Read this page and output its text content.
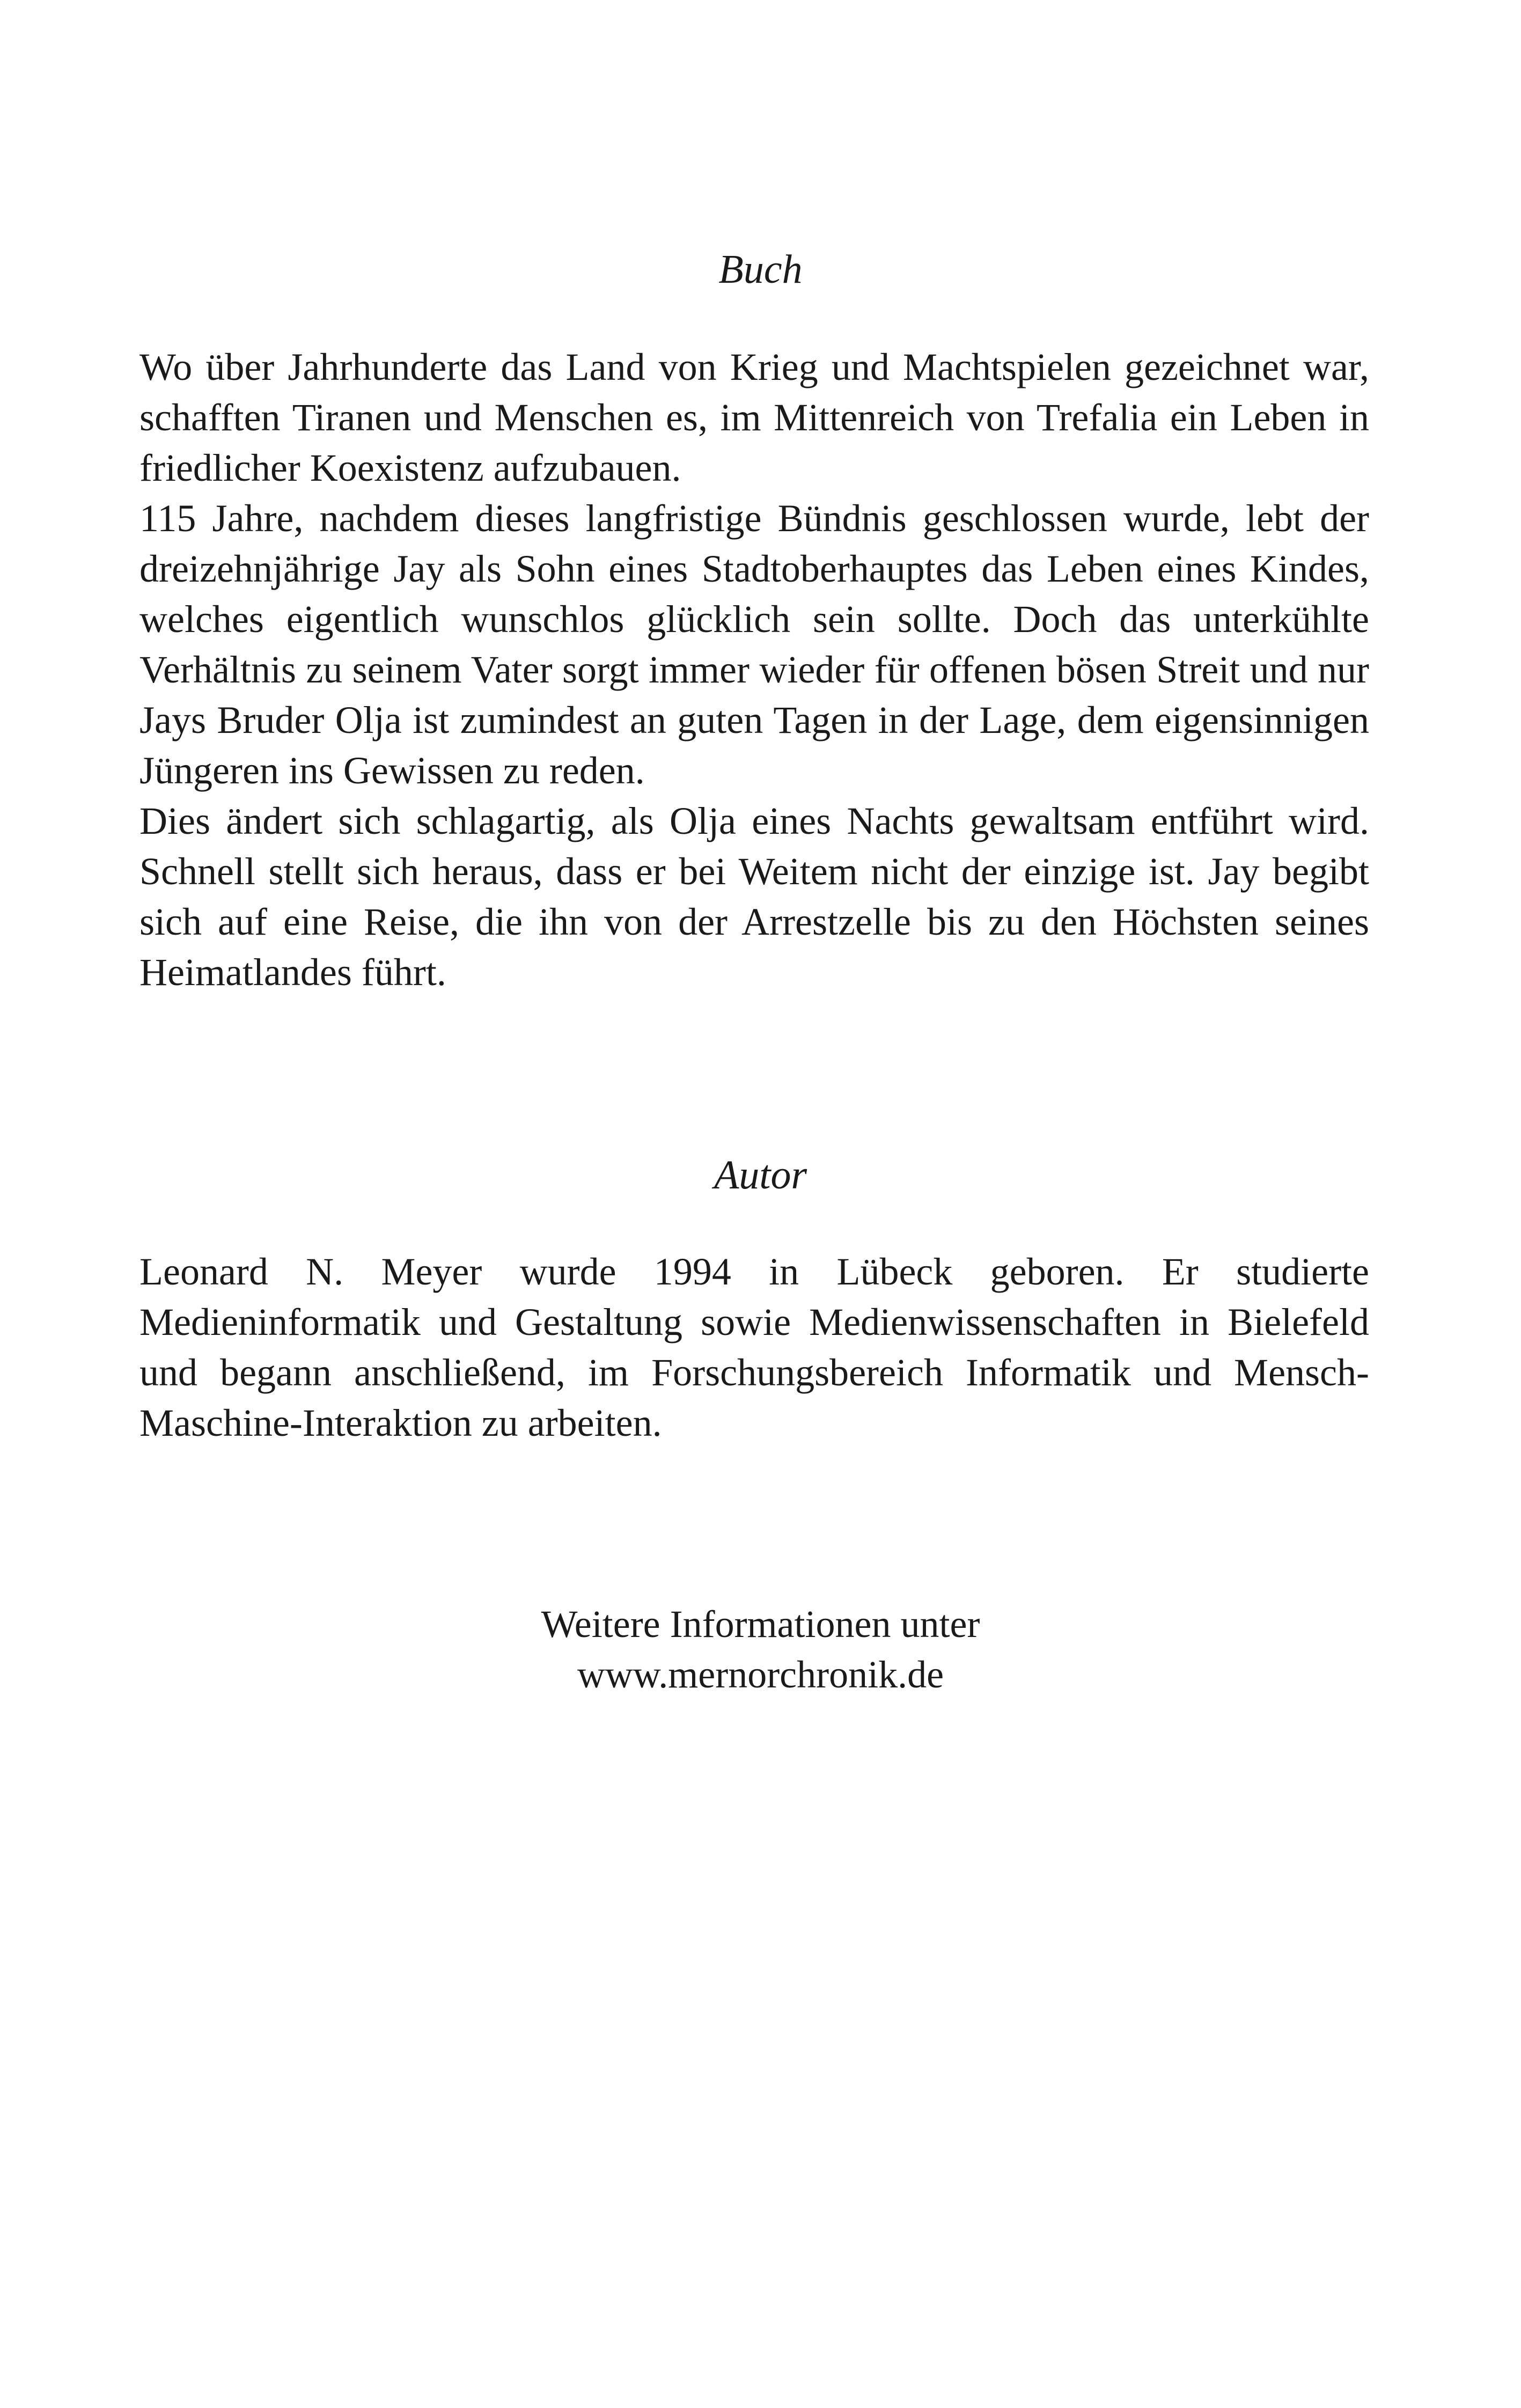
Buch

Wo über Jahrhunderte das Land von Krieg und Machtspielen gezeichnet war, schafften Tiranen und Menschen es, im Mittenreich von Trefalia ein Leben in friedlicher Koexistenz aufzubauen.

115 Jahre, nachdem dieses langfristige Bündnis geschlossen wurde, lebt der dreizehnjährige Jay als Sohn eines Stadtoberhauptes das Leben eines Kindes, welches eigentlich wunschlos glücklich sein sollte. Doch das unterkühlte Verhältnis zu seinem Vater sorgt immer wieder für offenen bösen Streit und nur Jays Bruder Olja ist zumindest an guten Tagen in der Lage, dem eigensinnigen Jüngeren ins Gewissen zu reden.

Dies ändert sich schlagartig, als Olja eines Nachts gewaltsam entführt wird. Schnell stellt sich heraus, dass er bei Weitem nicht der einzige ist. Jay begibt sich auf eine Reise, die ihn von der Arrestzelle bis zu den Höchsten seines Heimatlandes führt.

Autor

Leonard N. Meyer wurde 1994 in Lübeck geboren. Er studierte Medieninformatik und Gestaltung sowie Medienwissenschaften in Bielefeld und begann anschließend, im Forschungsbereich Informatik und Mensch-Maschine-Interaktion zu arbeiten.

Weitere Informationen unter
www.mernorchronik.de
